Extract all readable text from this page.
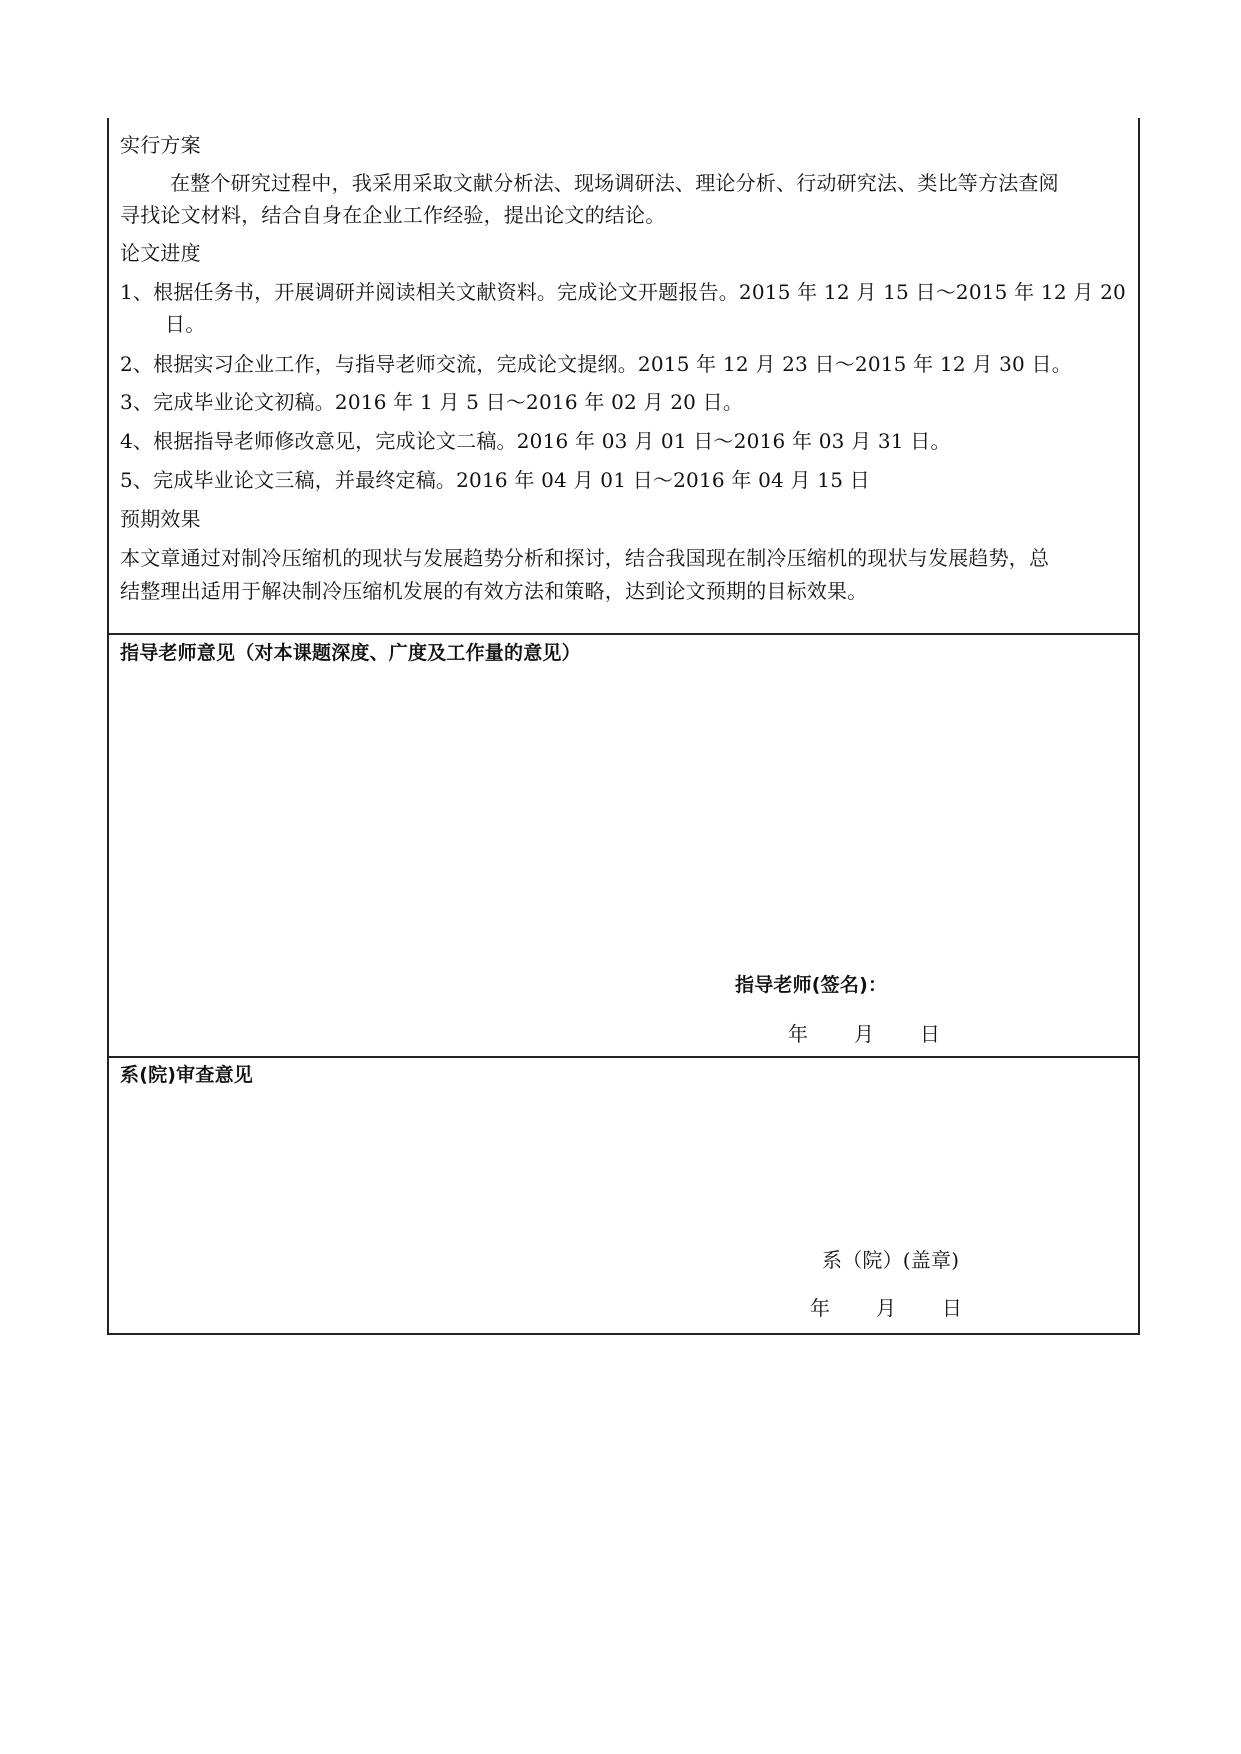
实行方案
在整个研究过程中，我采用采取文献分析法、现场调研法、理论分析、行动研究法、类比等方法查阅
寻找论文材料，结合自身在企业工作经验，提出论文的结论。
论文进度
1、根据任务书，开展调研并阅读相关文献资料。完成论文开题报告。2015 年 12 月 15 日～2015 年 12 月 20
日。
2、根据实习企业工作，与指导老师交流，完成论文提纲。2015 年 12 月 23 日～2015 年 12 月 30 日。
3、完成毕业论文初稿。2016 年 1 月 5 日～2016 年 02 月 20 日。
4、根据指导老师修改意见，完成论文二稿。2016 年 03 月 01 日～2016 年 03 月 31 日。
5、完成毕业论文三稿，并最终定稿。2016 年 04 月 01 日～2016 年 04 月 15 日
预期效果
本文章通过对制冷压缩机的现状与发展趋势分析和探讨，结合我国现在制冷压缩机的现状与发展趋势，总
结整理出适用于解决制冷压缩机发展的有效方法和策略，达到论文预期的目标效果。
指导老师意见（对本课题深度、广度及工作量的意见）
指导老师(签名)：
年 月 日
系(院)审查意见
系（院）(盖章)
年 月 日
